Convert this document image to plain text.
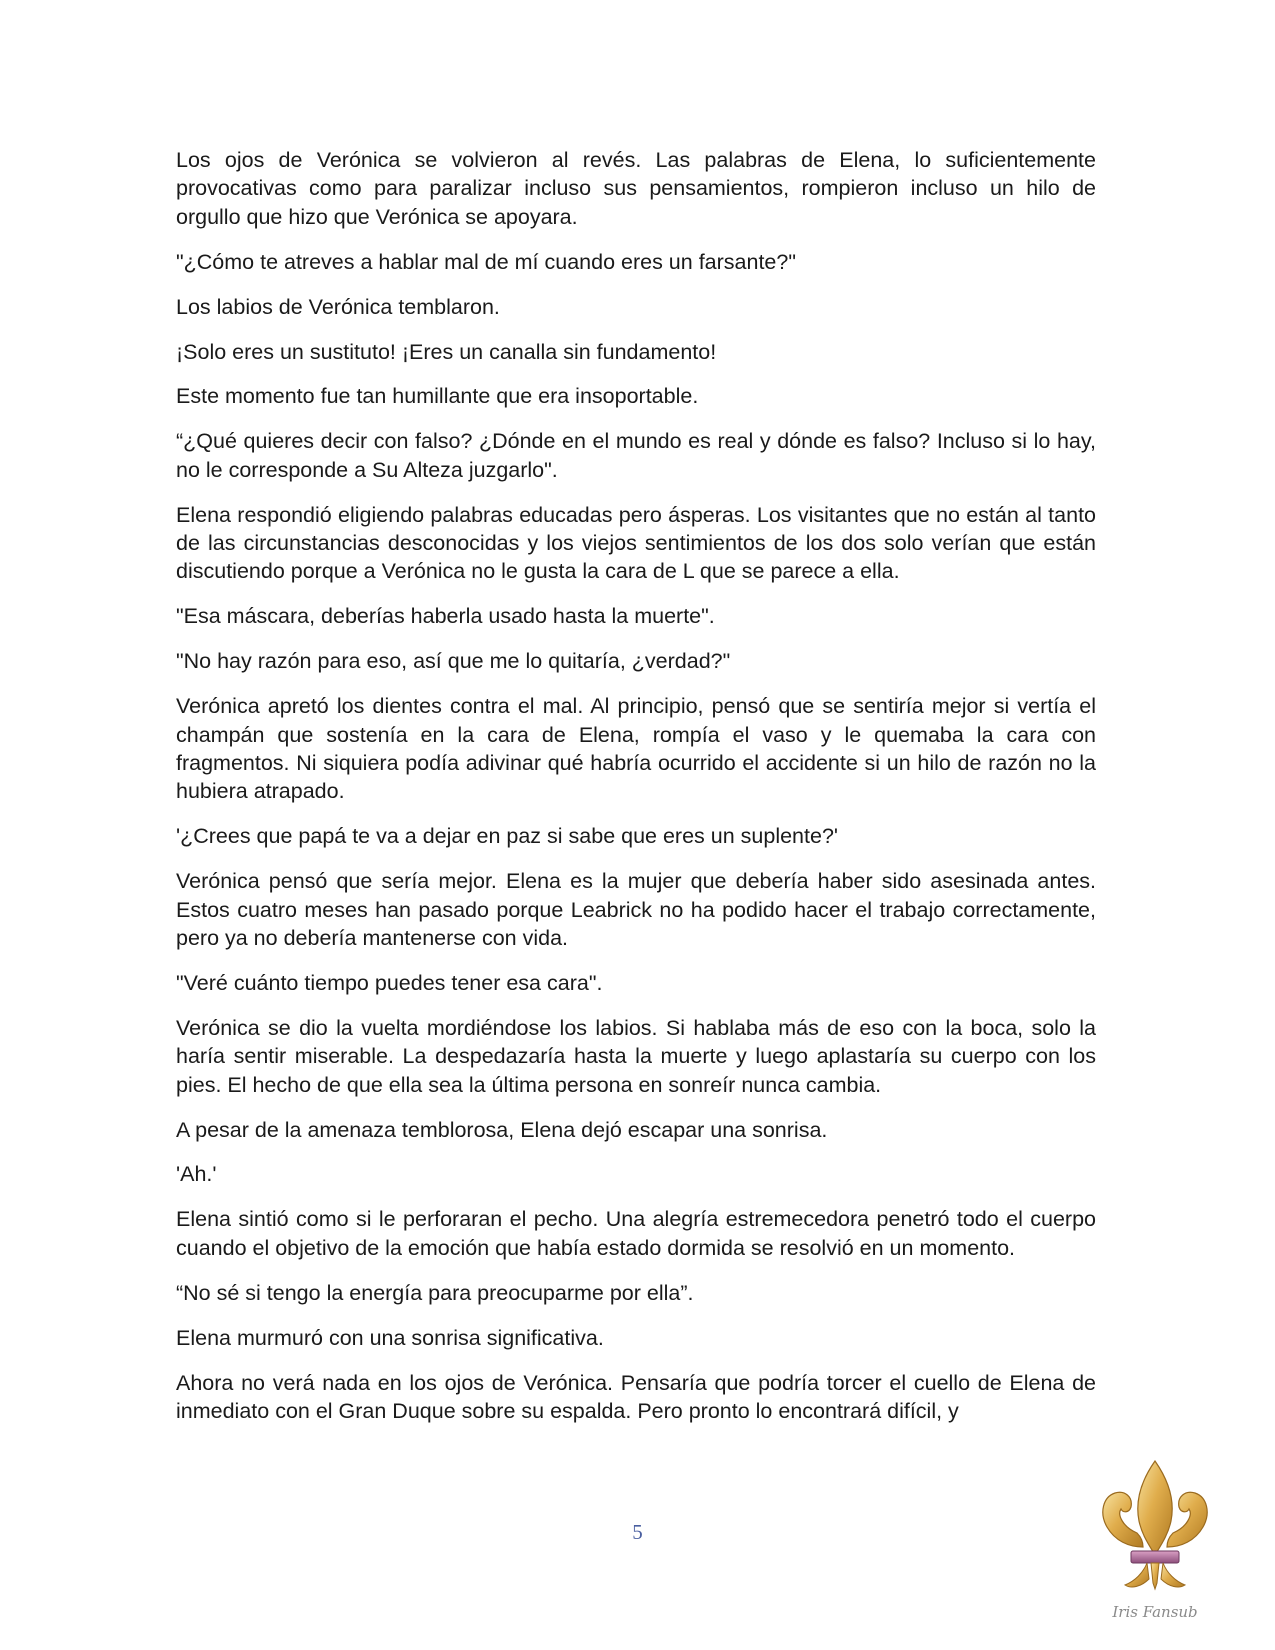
Los ojos de Verónica se volvieron al revés. Las palabras de Elena, lo suficientemente provocativas como para paralizar incluso sus pensamientos, rompieron incluso un hilo de orgullo que hizo que Verónica se apoyara.

"¿Cómo te atreves a hablar mal de mí cuando eres un farsante?"

Los labios de Verónica temblaron.

¡Solo eres un sustituto! ¡Eres un canalla sin fundamento!

Este momento fue tan humillante que era insoportable.

“¿Qué quieres decir con falso? ¿Dónde en el mundo es real y dónde es falso? Incluso si lo hay, no le corresponde a Su Alteza juzgarlo".

Elena respondió eligiendo palabras educadas pero ásperas. Los visitantes que no están al tanto de las circunstancias desconocidas y los viejos sentimientos de los dos solo verían que están discutiendo porque a Verónica no le gusta la cara de L que se parece a ella.

"Esa máscara, deberías haberla usado hasta la muerte".

"No hay razón para eso, así que me lo quitaría, ¿verdad?"

Verónica apretó los dientes contra el mal. Al principio, pensó que se sentiría mejor si vertía el champán que sostenía en la cara de Elena, rompía el vaso y le quemaba la cara con fragmentos. Ni siquiera podía adivinar qué habría ocurrido el accidente si un hilo de razón no la hubiera atrapado.

'¿Crees que papá te va a dejar en paz si sabe que eres un suplente?'

Verónica pensó que sería mejor. Elena es la mujer que debería haber sido asesinada antes. Estos cuatro meses han pasado porque Leabrick no ha podido hacer el trabajo correctamente, pero ya no debería mantenerse con vida.

"Veré cuánto tiempo puedes tener esa cara".

Verónica se dio la vuelta mordiéndose los labios. Si hablaba más de eso con la boca, solo la haría sentir miserable. La despedazaría hasta la muerte y luego aplastaría su cuerpo con los pies. El hecho de que ella sea la última persona en sonreír nunca cambia.

A pesar de la amenaza temblorosa, Elena dejó escapar una sonrisa.

'Ah.'

Elena sintió como si le perforaran el pecho. Una alegría estremecedora penetró todo el cuerpo cuando el objetivo de la emoción que había estado dormida se resolvió en un momento.

“No sé si tengo la energía para preocuparme por ella”.

Elena murmuró con una sonrisa significativa.

Ahora no verá nada en los ojos de Verónica. Pensaría que podría torcer el cuello de Elena de inmediato con el Gran Duque sobre su espalda. Pero pronto lo encontrará difícil, y

5
Iris Fansub
